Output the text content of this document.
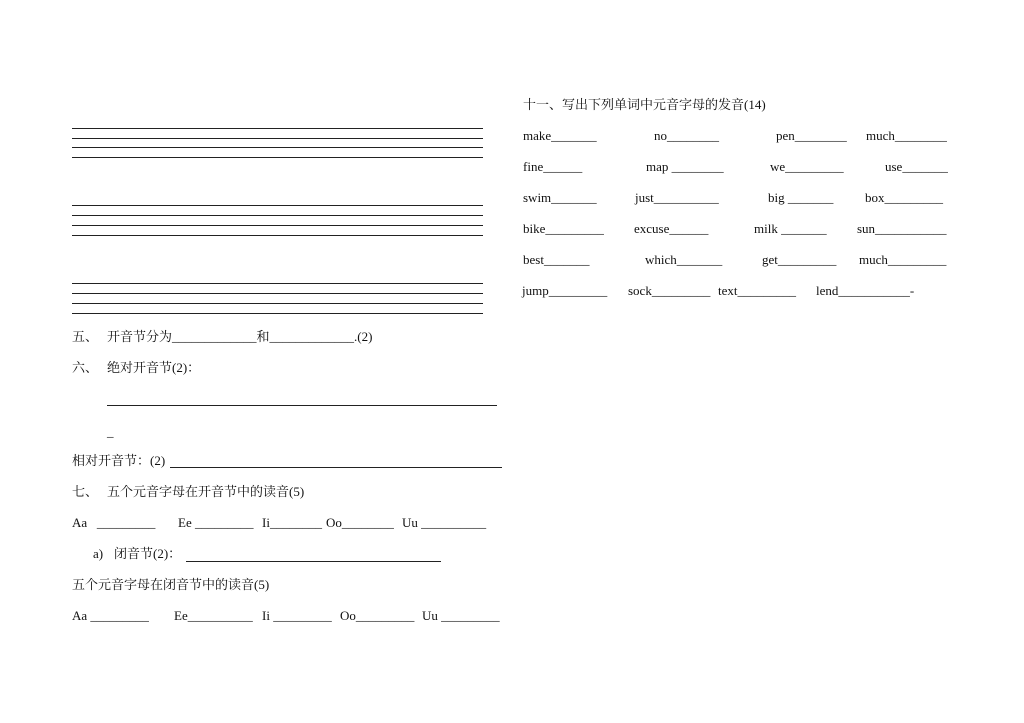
五、 开音节分为_____________和_____________.(2)
六、 绝对开音节(2)：
_
相对开音节：(2)
七、 五个元音字母在开音节中的读音(5)
Aa   _________ Ee _________ Ii________ Oo________ Uu __________
a) 闭音节(2)：
五个元音字母在闭音节中的读音(5)
Aa _________ Ee__________ Ii _________ Oo_________ Uu _________
十一、写出下列单词中元音字母的发音(14)
make_______	no________	pen________ much________
fine______	map ________	we_________	use_______
swim_______	just__________	big _______ box_________
bike_________ excuse______	milk _______ sun___________
best_______	which_______	get_________ much_________
jump_________ sock_________ text_________ lend___________-
